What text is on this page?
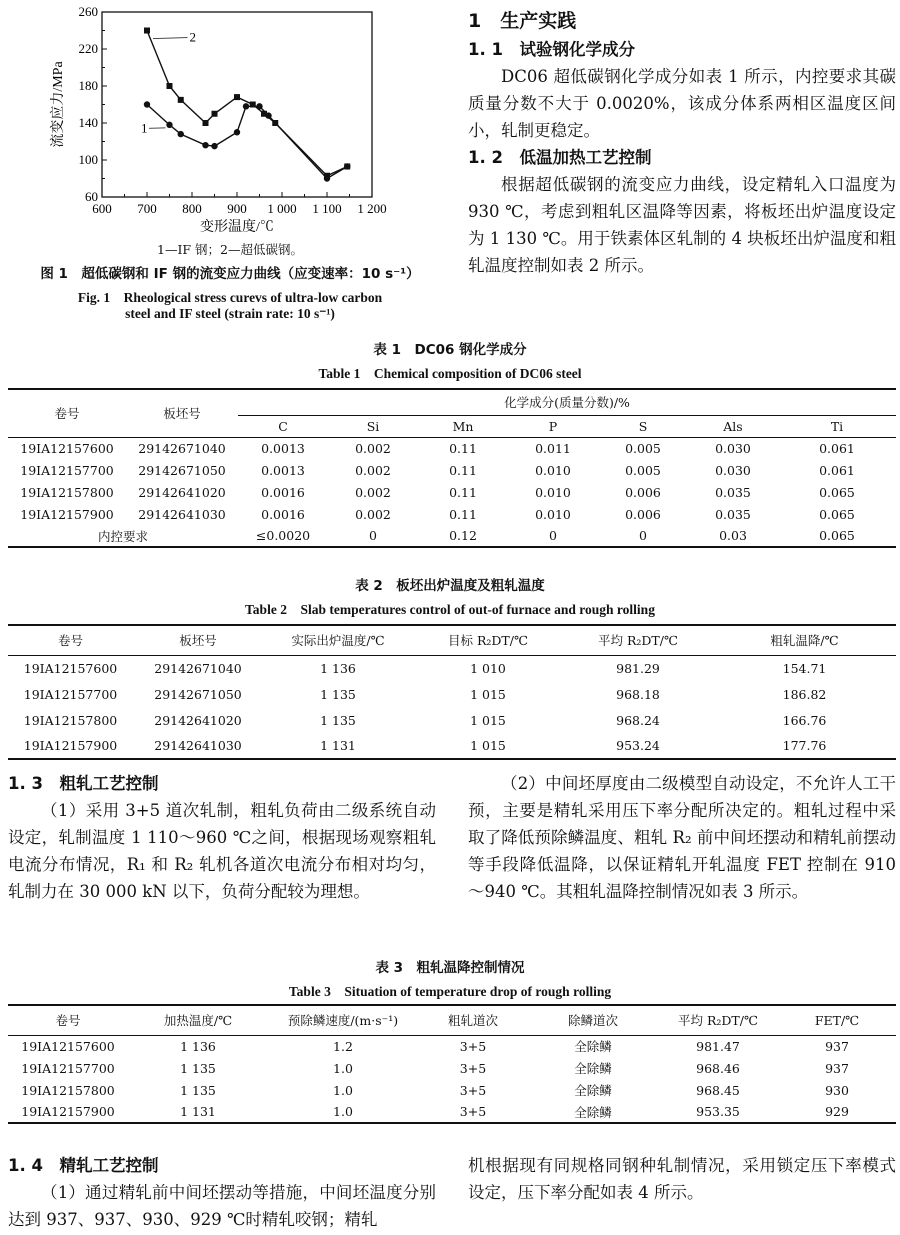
600 700 800 900 1 000 1 100 1 200
60
100
140
180
220
260
变形温度/℃
流变应力/MPa	1
2
1—IF 钢；2—超低碳钢。
图 1　超低碳钢和 IF 钢的流变应力曲线（应变速率：10 s⁻¹）
Fig. 1　Rheological stress curevs of ultra-low carbon
steel and IF steel (strain rate: 10 s⁻¹)
1　生产实践
1. 1　试验钢化学成分
DC06 超低碳钢化学成分如表 1 所示，内控要求其碳质量分数不大于 0.0020%，该成分体系两相区温度区间小，轧制更稳定。
1. 2　低温加热工艺控制
根据超低碳钢的流变应力曲线，设定精轧入口温度为 930 ℃，考虑到粗轧区温降等因素，将板坯出炉温度设定为 1 130 ℃。用于铁素体区轧制的 4 块板坯出炉温度和粗轧温度控制如表 2 所示。
表 1　DC06 钢化学成分
Table 1　Chemical composition of DC06 steel
卷号	板坯号	化学成分(质量分数)/%						
		C	Si	Mn	P	S	Als	Ti
19IA12157600	29142671040	0.0013	0.002	0.11	0.011	0.005	0.030	0.061
19IA12157700	29142671050	0.0013	0.002	0.11	0.010	0.005	0.030	0.061
19IA12157800	29142641020	0.0016	0.002	0.11	0.010	0.006	0.035	0.065
19IA12157900	29142641030	0.0016	0.002	0.11	0.010	0.006	0.035	0.065
内控要求		≤0.0020	0	0.12	0	0	0.03	0.065
表 2　板坯出炉温度及粗轧温度
Table 2　Slab temperatures control of out-of furnace and rough rolling
卷号	板坯号	实际出炉温度/℃	目标 R₂DT/℃	平均 R₂DT/℃	粗轧温降/℃
19IA12157600	29142671040	1 136	1 010	981.29	154.71
19IA12157700	29142671050	1 135	1 015	968.18	186.82
19IA12157800	29142641020	1 135	1 015	968.24	166.76
19IA12157900	29142641030	1 131	1 015	953.24	177.76
1. 3　粗轧工艺控制
（1）采用 3+5 道次轧制，粗轧负荷由二级系统自动设定，轧制温度 1 110～960 ℃之间，根据现场观察粗轧电流分布情况，R₁ 和 R₂ 轧机各道次电流分布相对均匀，轧制力在 30 000 kN 以下，负荷分配较为理想。
（2）中间坯厚度由二级模型自动设定，不允许人工干预，主要是精轧采用压下率分配所决定的。粗轧过程中采取了降低预除鳞温度、粗轧 R₂ 前中间坯摆动和精轧前摆动等手段降低温降，以保证精轧开轧温度 FET 控制在 910～940 ℃。其粗轧温降控制情况如表 3 所示。
表 3　粗轧温降控制情况
Table 3　Situation of temperature drop of rough rolling
卷号	加热温度/℃	预除鳞速度/(m·s⁻¹)	粗轧道次	除鳞道次	平均 R₂DT/℃	FET/℃
19IA12157600	1 136	1.2	3+5	全除鳞	981.47	937
19IA12157700	1 135	1.0	3+5	全除鳞	968.46	937
19IA12157800	1 135	1.0	3+5	全除鳞	968.45	930
19IA12157900	1 131	1.0	3+5	全除鳞	953.35	929
1. 4　精轧工艺控制
（1）通过精轧前中间坯摆动等措施，中间坯温度分别达到 937、937、930、929 ℃时精轧咬钢；精轧
机根据现有同规格同钢种轧制情况，采用锁定压下率模式设定，压下率分配如表 4 所示。
